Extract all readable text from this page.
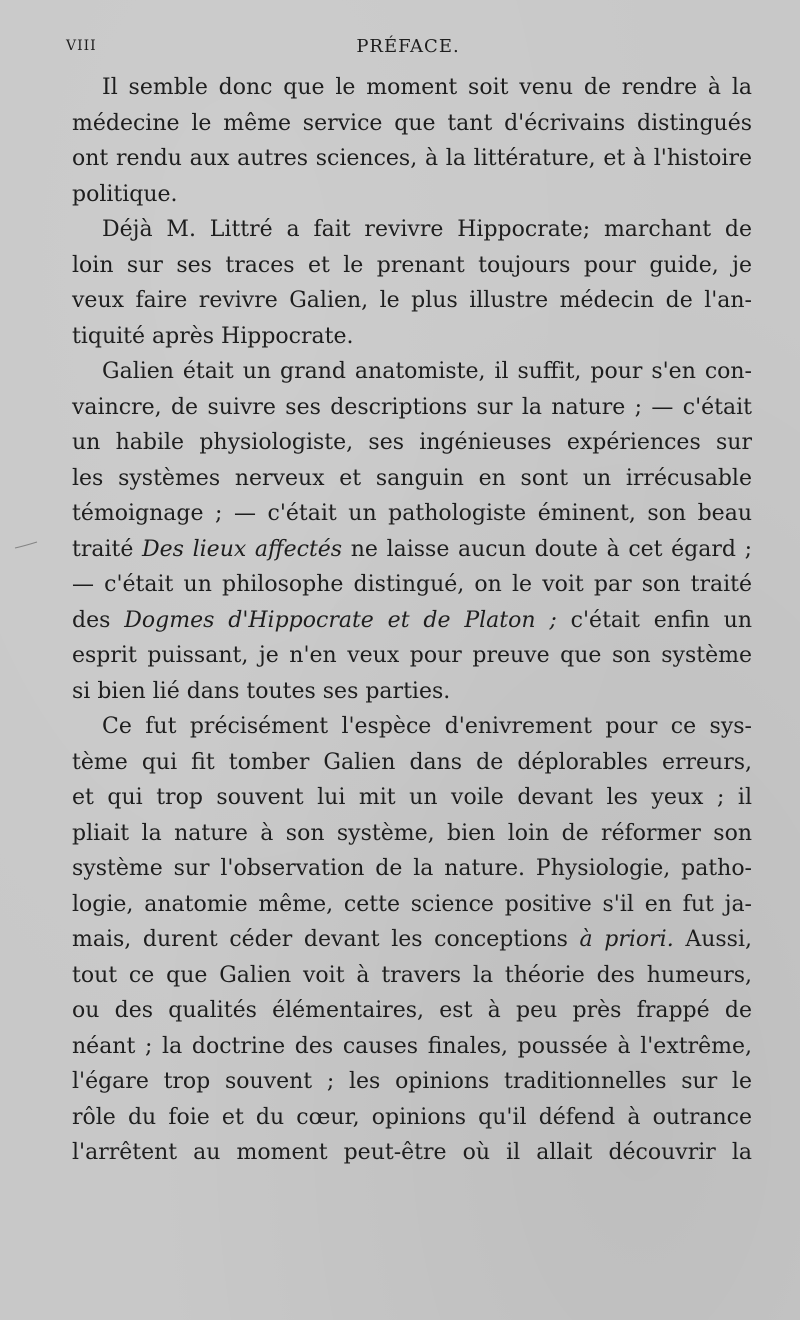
VIII	PRÉFACE.
Il semble donc que le moment soit venu de rendre à la
médecine le même service que tant d'écrivains distingués
ont rendu aux autres sciences, à la littérature, et à l'histoire
politique.
Déjà M. Littré a fait revivre Hippocrate; marchant de
loin sur ses traces et le prenant toujours pour guide, je
veux faire revivre Galien, le plus illustre médecin de l'an-
tiquité après Hippocrate.
Galien était un grand anatomiste, il suffit, pour s'en con-
vaincre, de suivre ses descriptions sur la nature ; — c'était
un habile physiologiste, ses ingénieuses expériences sur
les systèmes nerveux et sanguin en sont un irrécusable
témoignage ; — c'était un pathologiste éminent, son beau
traité Des lieux affectés ne laisse aucun doute à cet égard ;
— c'était un philosophe distingué, on le voit par son traité
des Dogmes d'Hippocrate et de Platon ; c'était enfin un
esprit puissant, je n'en veux pour preuve que son système
si bien lié dans toutes ses parties.
Ce fut précisément l'espèce d'enivrement pour ce sys-
tème qui fit tomber Galien dans de déplorables erreurs,
et qui trop souvent lui mit un voile devant les yeux ; il
pliait la nature à son système, bien loin de réformer son
système sur l'observation de la nature. Physiologie, patho-
logie, anatomie même, cette science positive s'il en fut ja-
mais, durent céder devant les conceptions à priori. Aussi,
tout ce que Galien voit à travers la théorie des humeurs,
ou des qualités élémentaires, est à peu près frappé de
néant ; la doctrine des causes finales, poussée à l'extrême,
l'égare trop souvent ; les opinions traditionnelles sur le
rôle du foie et du cœur, opinions qu'il défend à outrance
l'arrêtent au moment peut-être où il allait découvrir la
